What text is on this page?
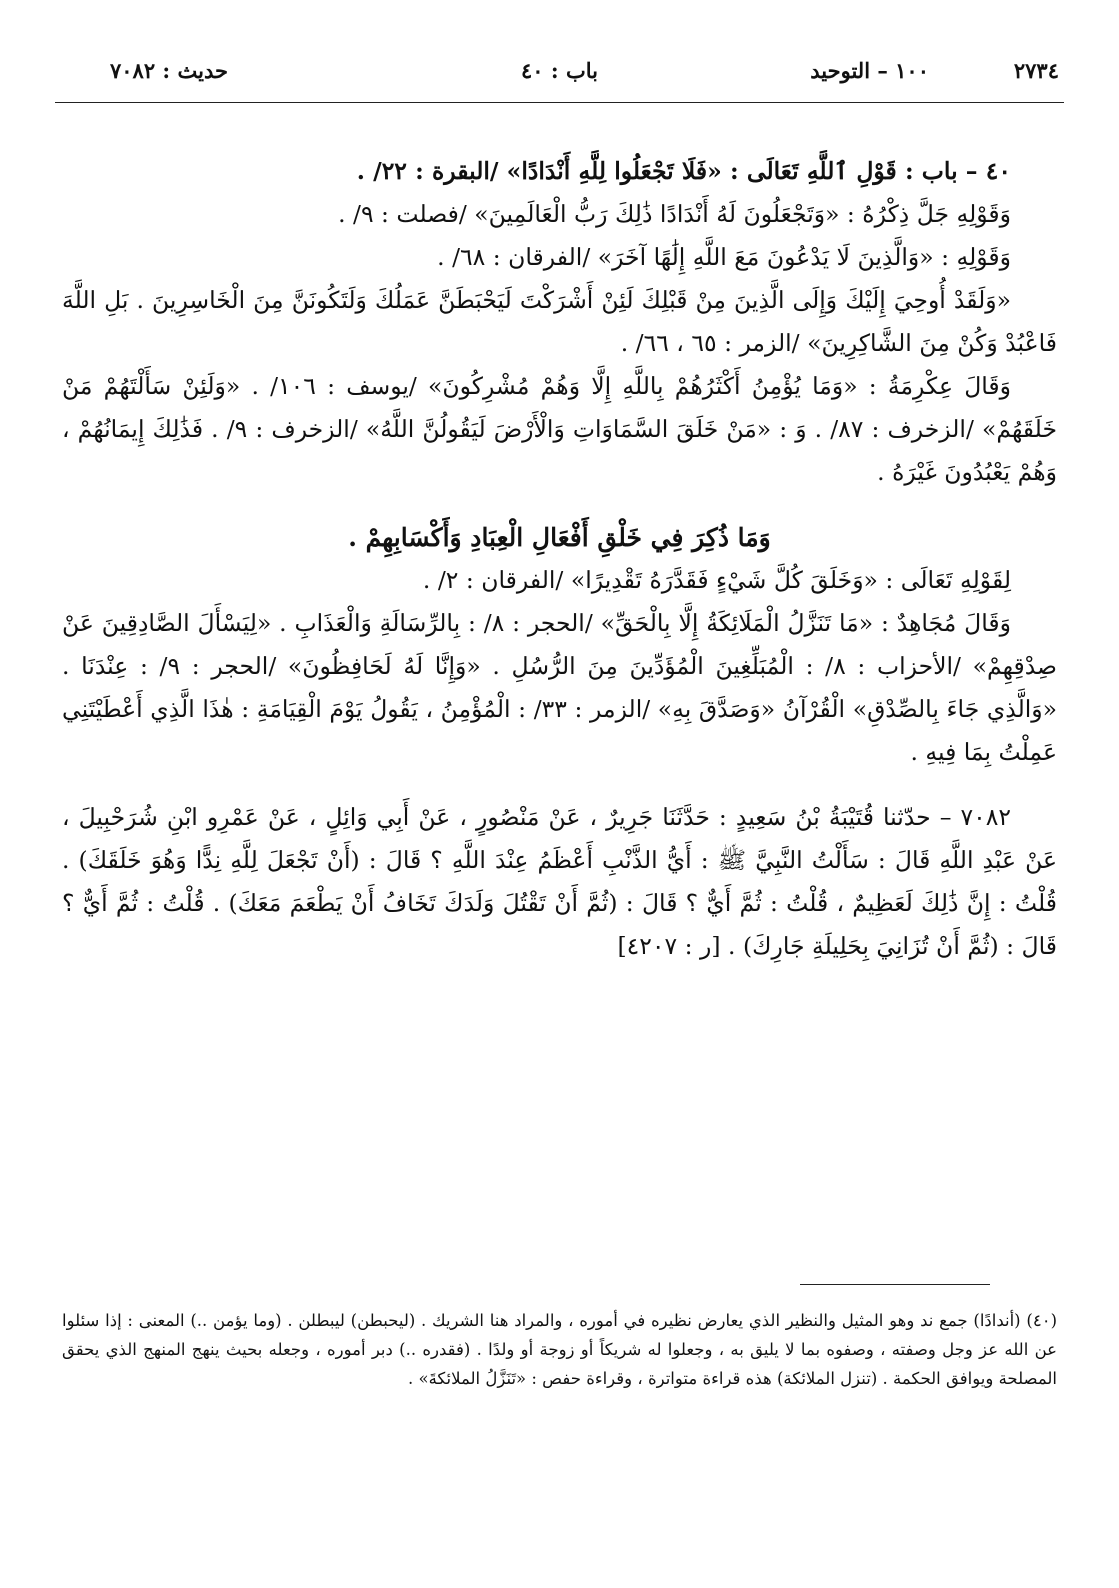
٢٧٣٤
١٠٠ – التوحيد
باب : ٤٠
حديث : ٧٠٨٢

٤٠ – باب : قَوْلِ ٱللَّهِ تَعَالَى : «فَلَا تَجْعَلُوا لِلَّهِ أَنْدَادًا» /البقرة : ٢٢/ .

وَقَوْلِهِ جَلَّ ذِكْرُهُ : «وَتَجْعَلُونَ لَهُ أَنْدَادًا ذَٰلِكَ رَبُّ الْعَالَمِينَ» /فصلت : ٩/ .

وَقَوْلِهِ : «وَالَّذِينَ لَا يَدْعُونَ مَعَ اللَّهِ إِلَٰهًا آخَرَ» /الفرقان : ٦٨/ .

«وَلَقَدْ أُوحِيَ إِلَيْكَ وَإِلَى الَّذِينَ مِنْ قَبْلِكَ لَئِنْ أَشْرَكْتَ لَيَحْبَطَنَّ عَمَلُكَ وَلَتَكُونَنَّ مِنَ الْخَاسِرِينَ . بَلِ اللَّهَ فَاعْبُدْ وَكُنْ مِنَ الشَّاكِرِينَ» /الزمر : ٦٥ ، ٦٦/ .

وَقَالَ عِكْرِمَةُ : «وَمَا يُؤْمِنُ أَكْثَرُهُمْ بِاللَّهِ إِلَّا وَهُمْ مُشْرِكُونَ» /يوسف : ١٠٦/ . «وَلَئِنْ سَأَلْتَهُمْ مَنْ خَلَقَهُمْ» /الزخرف : ٨٧/ . وَ : «مَنْ خَلَقَ السَّمَاوَاتِ وَالْأَرْضَ لَيَقُولُنَّ اللَّهُ» /الزخرف : ٩/ . فَذَٰلِكَ إِيمَانُهُمْ ، وَهُمْ يَعْبُدُونَ غَيْرَهُ .

وَمَا ذُكِرَ فِي خَلْقِ أَفْعَالِ الْعِبَادِ وَأَكْسَابِهِمْ .

لِقَوْلِهِ تَعَالَى : «وَخَلَقَ كُلَّ شَيْءٍ فَقَدَّرَهُ تَقْدِيرًا» /الفرقان : ٢/ .

وَقَالَ مُجَاهِدٌ : «مَا تَنَزَّلُ الْمَلَائِكَةُ إِلَّا بِالْحَقِّ» /الحجر : ٨/ : بِالرِّسَالَةِ وَالْعَذَابِ . «لِيَسْأَلَ الصَّادِقِينَ عَنْ صِدْقِهِمْ» /الأحزاب : ٨/ : الْمُبَلِّغِينَ الْمُؤَدِّينَ مِنَ الرُّسُلِ . «وَإِنَّا لَهُ لَحَافِظُونَ» /الحجر : ٩/ : عِنْدَنَا . «وَالَّذِي جَاءَ بِالصِّدْقِ» الْقُرْآنُ «وَصَدَّقَ بِهِ» /الزمر : ٣٣/ : الْمُؤْمِنُ ، يَقُولُ يَوْمَ الْقِيَامَةِ : هٰذَا الَّذِي أَعْطَيْتَنِي عَمِلْتُ بِمَا فِيهِ .

٧٠٨٢ – حدّثنا قُتَيْبَةُ بْنُ سَعِيدٍ : حَدَّثَنَا جَرِيرٌ ، عَنْ مَنْصُورٍ ، عَنْ أَبِي وَائِلٍ ، عَنْ عَمْرِو ابْنِ شُرَحْبِيلَ ، عَنْ عَبْدِ اللَّهِ قَالَ : سَأَلْتُ النَّبِيَّ ﷺ : أَيُّ الذَّنْبِ أَعْظَمُ عِنْدَ اللَّهِ ؟ قَالَ : (أَنْ تَجْعَلَ لِلَّهِ نِدًّا وَهُوَ خَلَقَكَ) . قُلْتُ : إِنَّ ذَٰلِكَ لَعَظِيمٌ ، قُلْتُ : ثُمَّ أَيٌّ ؟ قَالَ : (ثُمَّ أَنْ تَقْتُلَ وَلَدَكَ تَخَافُ أَنْ يَطْعَمَ مَعَكَ) . قُلْتُ : ثُمَّ أَيٌّ ؟ قَالَ : (ثُمَّ أَنْ تُزَانِيَ بِحَلِيلَةِ جَارِكَ) . [ر : ٤٢٠٧]

(٤٠) (أندادًا) جمع ند وهو المثيل والنظير الذي يعارض نظيره في أموره ، والمراد هنا الشريك . (ليحبطن) ليبطلن . (وما يؤمن ..) المعنى : إذا سئلوا عن الله عز وجل وصفته ، وصفوه بما لا يليق به ، وجعلوا له شريكاً أو زوجة أو ولدًا . (فقدره ..) دبر أموره ، وجعله بحيث ينهج المنهج الذي يحقق المصلحة ويوافق الحكمة . (تنزل الملائكة) هذه قراءة متواترة ، وقراءة حفص : «تَنَزَّلُ الملائكةَ» .
